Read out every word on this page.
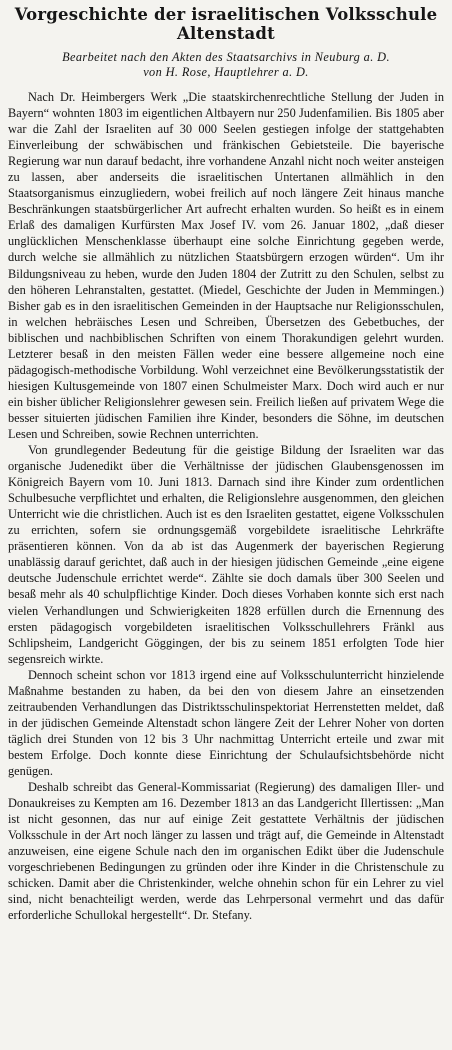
Vorgeschichte der israelitischen Volksschule
Altenstadt
Bearbeitet nach den Akten des Staatsarchivs in Neuburg a. D.
von H. Rose, Hauptlehrer a. D.

Nach Dr. Heimbergers Werk „Die staatskirchenrechtliche Stellung der Juden in Bayern“ wohnten 1803 im eigentlichen Altbayern nur 250 Judenfamilien. Bis 1805 aber war die Zahl der Israeliten auf 30 000 Seelen gestiegen infolge der stattgehabten Einverleibung der schwäbischen und fränkischen Gebietsteile. Die bayerische Regierung war nun darauf bedacht, ihre vorhandene Anzahl nicht noch weiter ansteigen zu lassen, aber anderseits die israelitischen Untertanen allmählich in den Staatsorganismus einzugliedern, wobei freilich auf noch längere Zeit hinaus manche Beschränkungen staatsbürgerlicher Art aufrecht erhalten wurden. So heißt es in einem Erlaß des damaligen Kurfürsten Max Josef IV. vom 26. Januar 1802, „daß dieser unglücklichen Menschenklasse überhaupt eine solche Einrichtung gegeben werde, durch welche sie allmählich zu nützlichen Staatsbürgern erzogen würden“. Um ihr Bildungsniveau zu heben, wurde den Juden 1804 der Zutritt zu den Schulen, selbst zu den höheren Lehranstalten, gestattet. (Miedel, Geschichte der Juden in Memmingen.) Bisher gab es in den israelitischen Gemeinden in der Hauptsache nur Religionsschulen, in welchen hebräisches Lesen und Schreiben, Übersetzen des Gebetbuches, der biblischen und nachbiblischen Schriften von einem Thorakundigen gelehrt wurden. Letzterer besaß in den meisten Fällen weder eine bessere allgemeine noch eine pädagogisch-methodische Vorbildung. Wohl verzeichnet eine Bevölkerungsstatistik der hiesigen Kultusgemeinde von 1807 einen Schulmeister Marx. Doch wird auch er nur ein bisher üblicher Religionslehrer gewesen sein. Freilich ließen auf privatem Wege die besser situierten jüdischen Familien ihre Kinder, besonders die Söhne, im deutschen Lesen und Schreiben, sowie Rechnen unterrichten.

Von grundlegender Bedeutung für die geistige Bildung der Israeliten war das organische Judenedikt über die Verhältnisse der jüdischen Glaubensgenossen im Königreich Bayern vom 10. Juni 1813. Darnach sind ihre Kinder zum ordentlichen Schulbesuche verpflichtet und erhalten, die Religionslehre ausgenommen, den gleichen Unterricht wie die christlichen. Auch ist es den Israeliten gestattet, eigene Volksschulen zu errichten, sofern sie ordnungsgemäß vorgebildete israelitische Lehrkräfte präsentieren können. Von da ab ist das Augenmerk der bayerischen Regierung unablässig darauf gerichtet, daß auch in der hiesigen jüdischen Gemeinde „eine eigene deutsche Judenschule errichtet werde“. Zählte sie doch damals über 300 Seelen und besaß mehr als 40 schulpflichtige Kinder. Doch dieses Vorhaben konnte sich erst nach vielen Verhandlungen und Schwierigkeiten 1828 erfüllen durch die Ernennung des ersten pädagogisch vorgebildeten israelitischen Volksschullehrers Fränkl aus Schlipsheim, Landgericht Göggingen, der bis zu seinem 1851 erfolgten Tode hier segensreich wirkte.

Dennoch scheint schon vor 1813 irgend eine auf Volksschulunterricht hinzielende Maßnahme bestanden zu haben, da bei den von diesem Jahre an einsetzenden zeitraubenden Verhandlungen das Distriktsschulinspektoriat Herrenstetten meldet, daß in der jüdischen Gemeinde Altenstadt schon längere Zeit der Lehrer Noher von dorten täglich drei Stunden von 12 bis 3 Uhr nachmittag Unterricht erteile und zwar mit bestem Erfolge. Doch konnte diese Einrichtung der Schulaufsichtsbehörde nicht genügen.

Deshalb schreibt das General-Kommissariat (Regierung) des damaligen Iller- und Donaukreises zu Kempten am 16. Dezember 1813 an das Landgericht Illertissen: „Man ist nicht gesonnen, das nur auf einige Zeit gestattete Verhältnis der jüdischen Volksschule in der Art noch länger zu lassen und trägt auf, die Gemeinde in Altenstadt anzuweisen, eine eigene Schule nach den im organischen Edikt über die Judenschule vorgeschriebenen Bedingungen zu gründen oder ihre Kinder in die Christenschule zu schicken. Damit aber die Christenkinder, welche ohnehin schon für ein Lehrer zu viel sind, nicht benachteiligt werden, werde das Lehrpersonal vermehrt und das dafür erforderliche Schullokal hergestellt“. Dr. Stefany.
